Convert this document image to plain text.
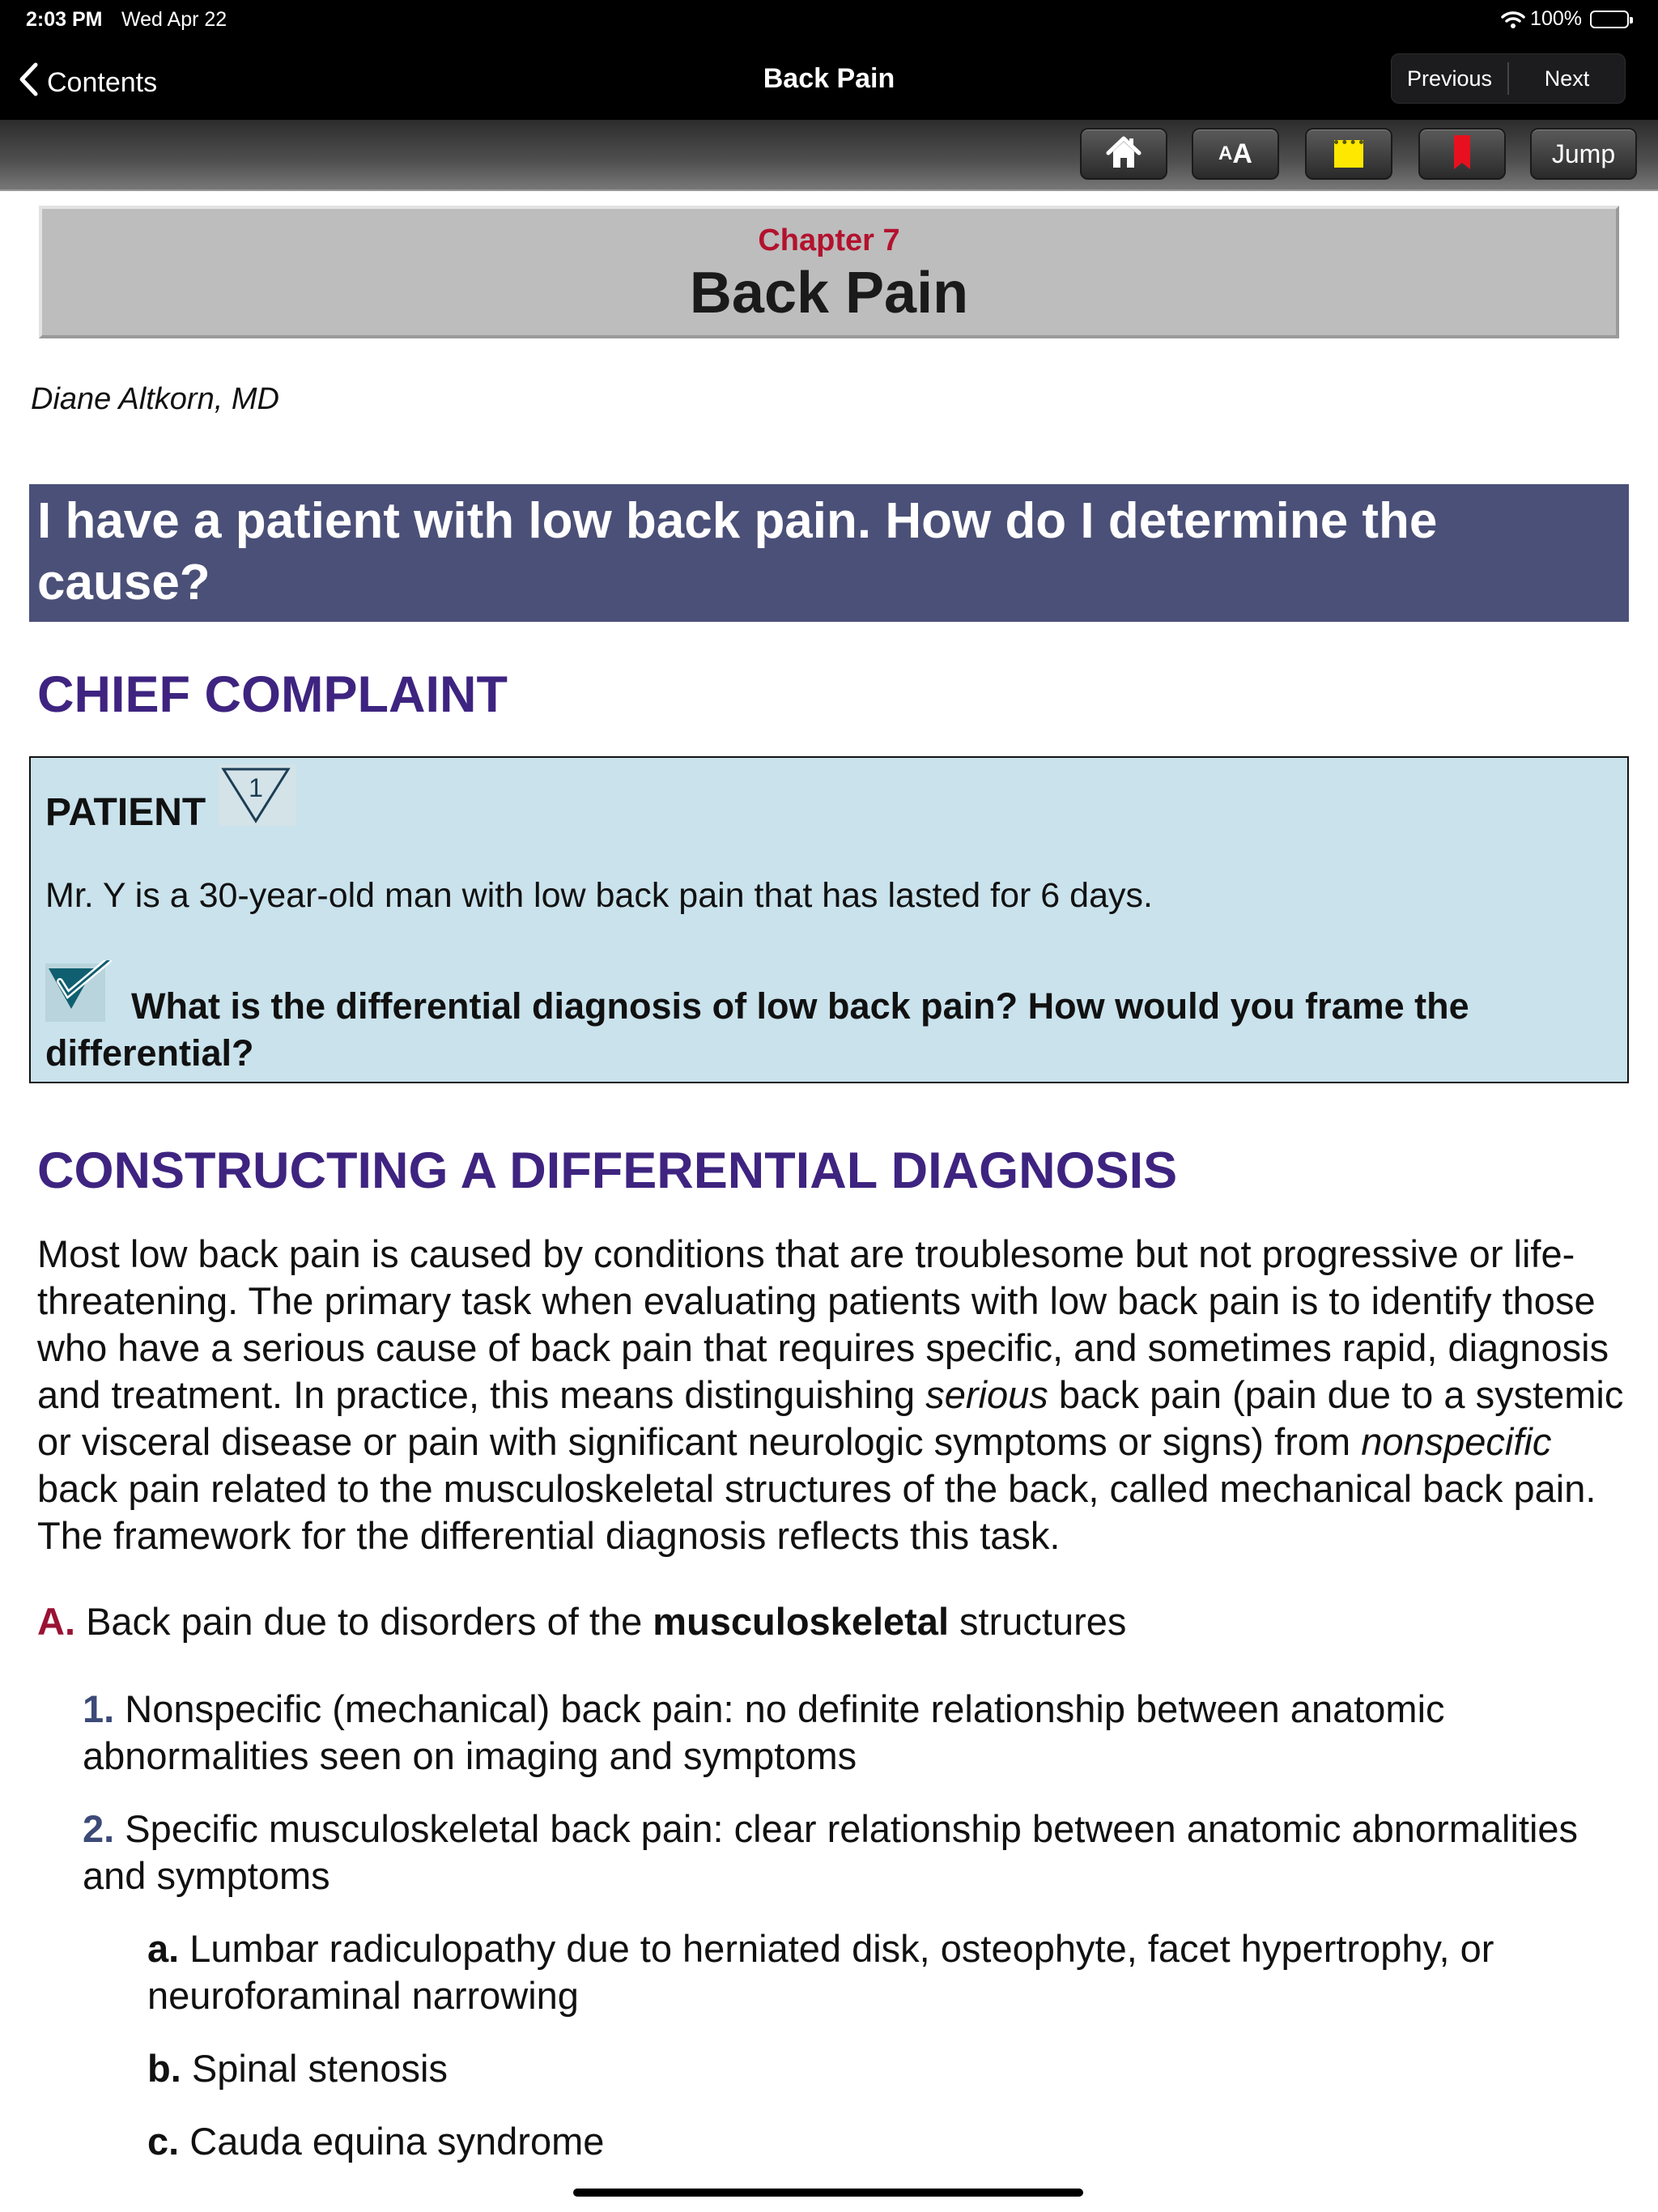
2:03 PM Wed Apr 22	100%
Contents	Back Pain	Previous	Next
A A	Jump
Chapter 7
Back Pain
Diane Altkorn, MD
I have a patient with low back pain. How do I determine the cause?
CHIEF COMPLAINT
PATIENT
1
Mr. Y is a 30-year-old man with low back pain that has lasted for 6 days.
What is the differential diagnosis of low back pain? How would you frame the differential?
CONSTRUCTING A DIFFERENTIAL DIAGNOSIS
Most low back pain is caused by conditions that are troublesome but not progressive or life-threatening. The primary task when evaluating patients with low back pain is to identify those who have a serious cause of back pain that requires specific, and sometimes rapid, diagnosis and treatment. In practice, this means distinguishing serious back pain (pain due to a systemic or visceral disease or pain with significant neurologic symptoms or signs) from nonspecific back pain related to the musculoskeletal structures of the back, called mechanical back pain. The framework for the differential diagnosis reflects this task.
A. Back pain due to disorders of the musculoskeletal structures
1. Nonspecific (mechanical) back pain: no definite relationship between anatomic abnormalities seen on imaging and symptoms
2. Specific musculoskeletal back pain: clear relationship between anatomic abnormalities and symptoms
a. Lumbar radiculopathy due to herniated disk, osteophyte, facet hypertrophy, or neuroforaminal narrowing
b. Spinal stenosis
c. Cauda equina syndrome
